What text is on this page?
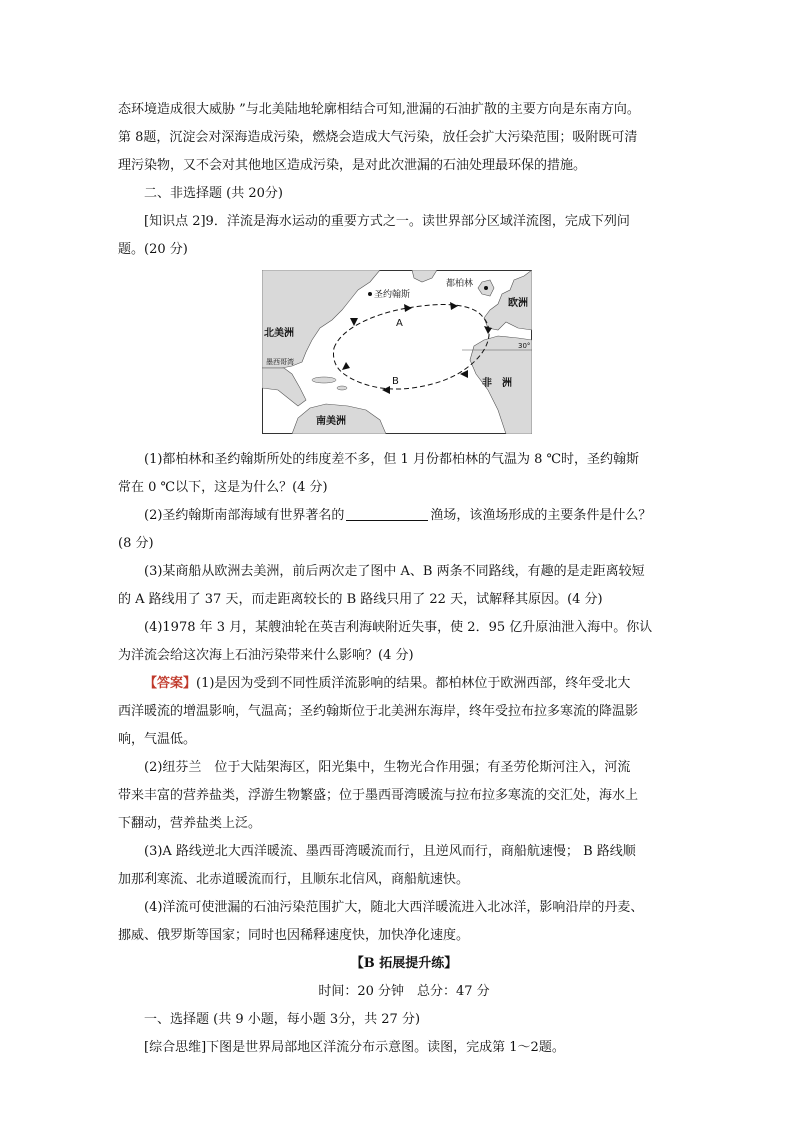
态环境造成很大威胁 ”与北美陆地轮廓相结合可知,泄漏的石油扩散的主要方向是东南方向。

第 8题，沉淀会对深海造成污染，燃烧会造成大气污染，放任会扩大污染范围；吸附既可清

理污染物，又不会对其他地区造成污染，是对此次泄漏的石油处理最环保的措施。

二、非选择题 (共 20分)

[知识点 2]9．洋流是海水运动的重要方式之一。读世界部分区域洋流图，完成下列问

题。(20 分)

都柏林
圣约翰斯
欧洲
北美洲
墨西哥湾
非　洲
南美洲
A
B
30°

(1)都柏林和圣约翰斯所处的纬度差不多，但 1 月份都柏林的气温为 8 ℃时，圣约翰斯

常在 0 ℃以下，这是为什么？(4 分)

(2)圣约翰斯南部海域有世界著名的	渔场，该渔场形成的主要条件是什么？

(8 分)

(3)某商船从欧洲去美洲，前后两次走了图中 A、B 两条不同路线，有趣的是走距离较短

的 A 路线用了 37 天，而走距离较长的 B 路线只用了 22 天，试解释其原因。(4 分)

(4)1978 年 3 月，某艘油轮在英吉利海峡附近失事，使 2．95 亿升原油泄入海中。你认

为洋流会给这次海上石油污染带来什么影响？(4 分)

【答案】(1)是因为受到不同性质洋流影响的结果。都柏林位于欧洲西部，终年受北大

西洋暖流的增温影响，气温高；圣约翰斯位于北美洲东海岸，终年受拉布拉多寒流的降温影

响，气温低。

(2)纽芬兰　位于大陆架海区，阳光集中，生物光合作用强；有圣劳伦斯河注入，河流

带来丰富的营养盐类，浮游生物繁盛；位于墨西哥湾暖流与拉布拉多寒流的交汇处，海水上

下翻动，营养盐类上泛。

(3)A 路线逆北大西洋暖流、墨西哥湾暖流而行，且逆风而行，商船航速慢； B 路线顺

加那利寒流、北赤道暖流而行，且顺东北信风，商船航速快。

(4)洋流可使泄漏的石油污染范围扩大，随北大西洋暖流进入北冰洋，影响沿岸的丹麦、

挪威、俄罗斯等国家；同时也因稀释速度快，加快净化速度。

【B 拓展提升练】

时间：20 分钟　总分：47 分

一、选择题 (共 9 小题，每小题 3分，共 27 分)

[综合思维]下图是世界局部地区洋流分布示意图。读图，完成第 1～2题。
